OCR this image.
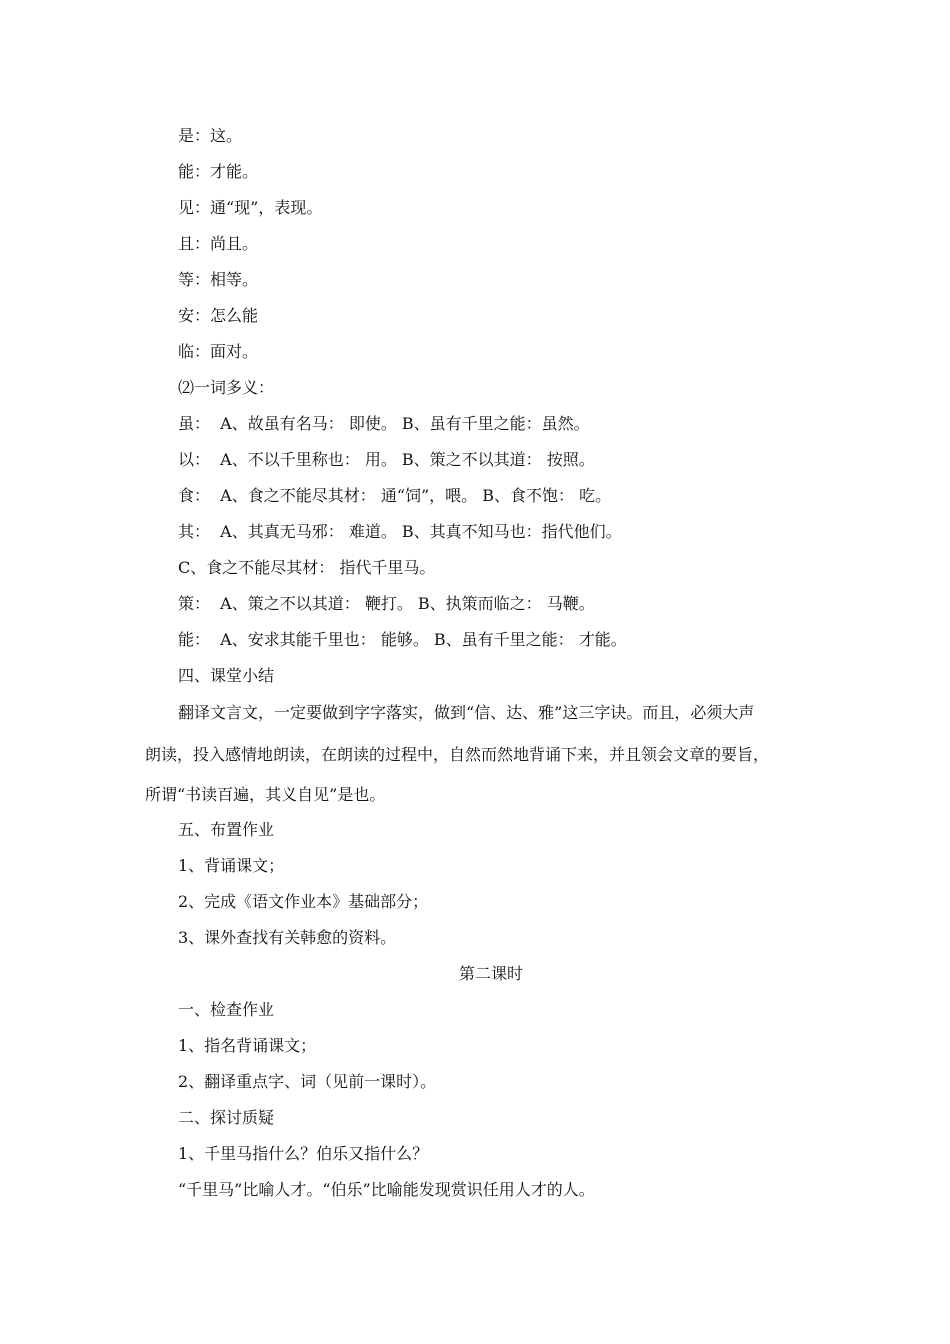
是：这。
能：才能。
见：通“现”，表现。
且：尚且。
等：相等。
安：怎么能
临：面对。
⑵一词多义：
虽：  A、故虽有名马： 即使。 B、虽有千里之能：虽然。
以：  A、不以千里称也： 用。 B、策之不以其道： 按照。
食：  A、食之不能尽其材： 通“饲”，喂。 B、食不饱： 吃。
其：  A、其真无马邪： 难道。 B、其真不知马也：指代他们。
C、食之不能尽其材： 指代千里马。
策：  A、策之不以其道： 鞭打。 B、执策而临之： 马鞭。
能：  A、安求其能千里也： 能够。 B、虽有千里之能： 才能。
四、课堂小结
翻译文言文，一定要做到字字落实，做到“信、达、雅”这三字诀。而且，必须大声
朗读，投入感情地朗读，在朗读的过程中，自然而然地背诵下来，并且领会文章的要旨，
所谓“书读百遍，其义自见”是也。
五、布置作业
1、背诵课文；
2、完成《语文作业本》基础部分；
3、课外查找有关韩愈的资料。
第二课时
一、检查作业
1、指名背诵课文；
2、翻译重点字、词（见前一课时）。
二、探讨质疑
1、千里马指什么？伯乐又指什么？
“千里马”比喻人才。“伯乐”比喻能发现赏识任用人才的人。
